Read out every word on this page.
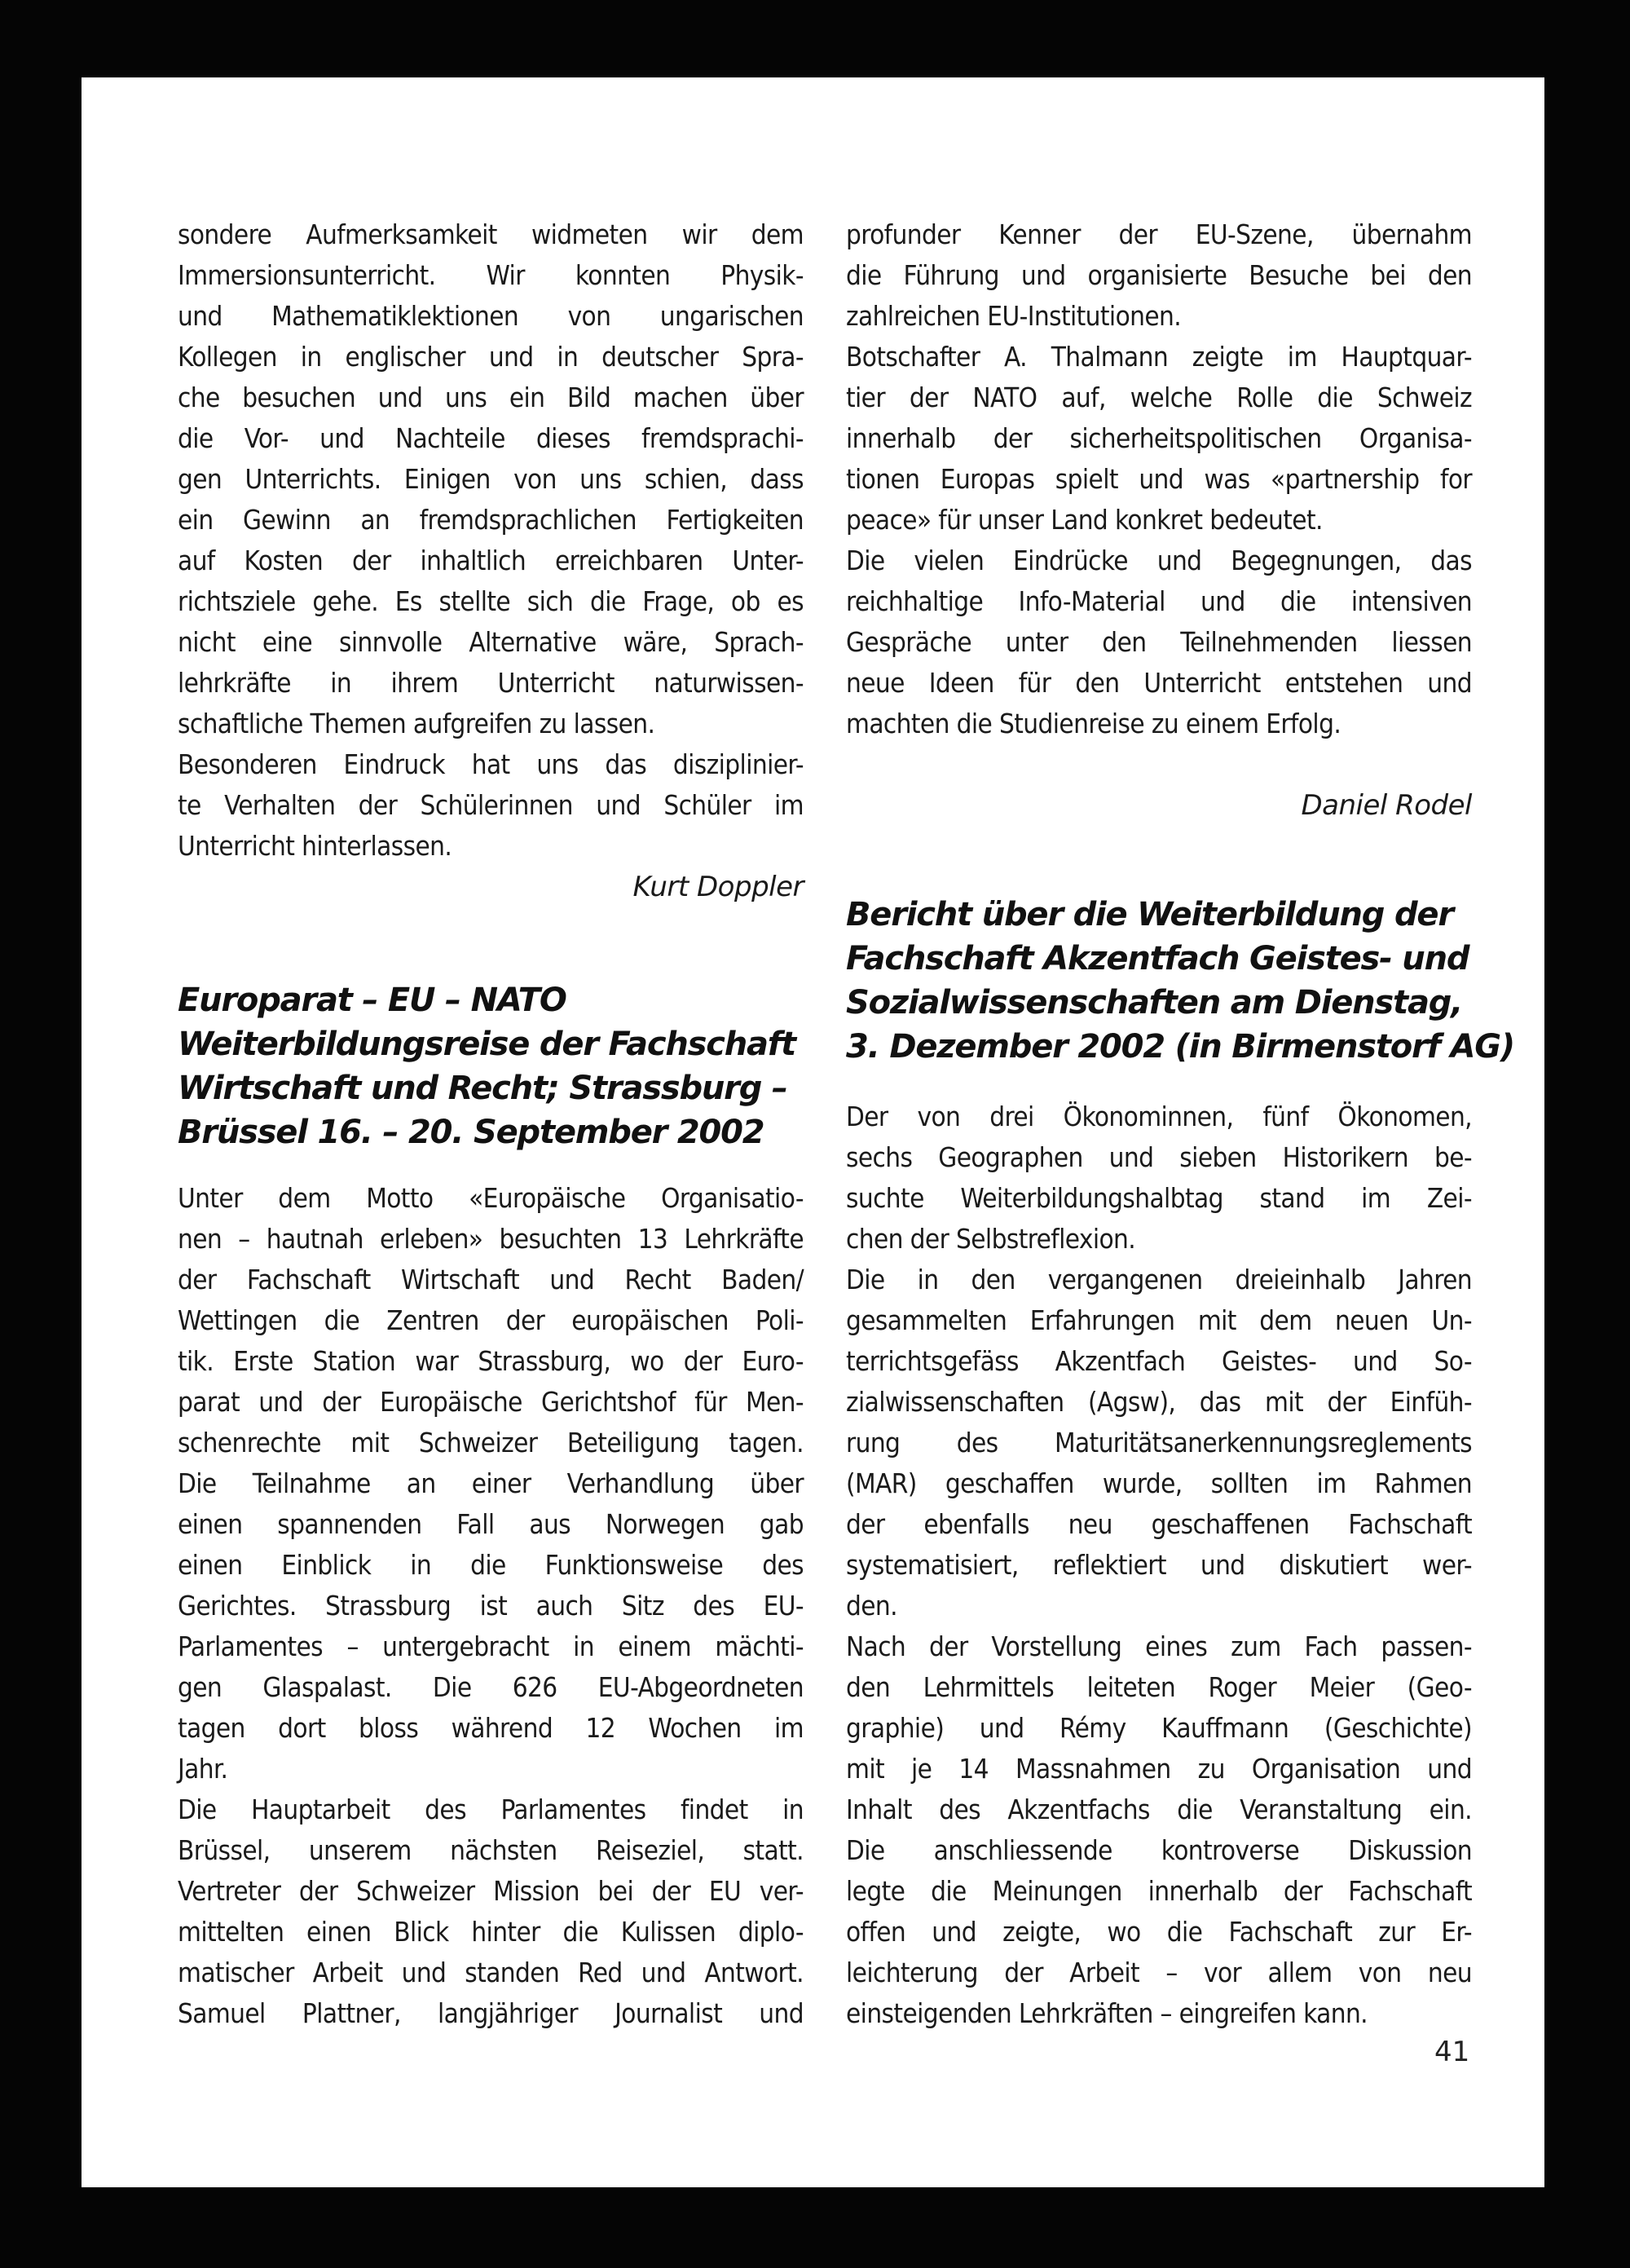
sondere Aufmerksamkeit widmeten wir dem
Immersionsunterricht. Wir konnten Physik-
und Mathematiklektionen von ungarischen
Kollegen in englischer und in deutscher Spra-
che besuchen und uns ein Bild machen über
die Vor- und Nachteile dieses fremdsprachi-
gen Unterrichts. Einigen von uns schien, dass
ein Gewinn an fremdsprachlichen Fertigkeiten
auf Kosten der inhaltlich erreichbaren Unter-
richtsziele gehe. Es stellte sich die Frage, ob es
nicht eine sinnvolle Alternative wäre, Sprach-
lehrkräfte in ihrem Unterricht naturwissen-
schaftliche Themen aufgreifen zu lassen.
Besonderen Eindruck hat uns das disziplinier-
te Verhalten der Schülerinnen und Schüler im
Unterricht hinterlassen.
Kurt Doppler
Europarat – EU – NATO
Weiterbildungsreise der Fachschaft
Wirtschaft und Recht; Strassburg –
Brüssel 16. – 20. September 2002
Unter dem Motto «Europäische Organisatio-
nen – hautnah erleben» besuchten 13 Lehrkräfte
der Fachschaft Wirtschaft und Recht Baden/
Wettingen die Zentren der europäischen Poli-
tik. Erste Station war Strassburg, wo der Euro-
parat und der Europäische Gerichtshof für Men-
schenrechte mit Schweizer Beteiligung tagen.
Die Teilnahme an einer Verhandlung über
einen spannenden Fall aus Norwegen gab
einen Einblick in die Funktionsweise des
Gerichtes. Strassburg ist auch Sitz des EU-
Parlamentes – untergebracht in einem mächti-
gen Glaspalast. Die 626 EU-Abgeordneten
tagen dort bloss während 12 Wochen im
Jahr.
Die Hauptarbeit des Parlamentes findet in
Brüssel, unserem nächsten Reiseziel, statt.
Vertreter der Schweizer Mission bei der EU ver-
mittelten einen Blick hinter die Kulissen diplo-
matischer Arbeit und standen Red und Antwort.
Samuel Plattner, langjähriger Journalist und
profunder Kenner der EU-Szene, übernahm
die Führung und organisierte Besuche bei den
zahlreichen EU-Institutionen.
Botschafter A. Thalmann zeigte im Hauptquar-
tier der NATO auf, welche Rolle die Schweiz
innerhalb der sicherheitspolitischen Organisa-
tionen Europas spielt und was «partnership for
peace» für unser Land konkret bedeutet.
Die vielen Eindrücke und Begegnungen, das
reichhaltige Info-Material und die intensiven
Gespräche unter den Teilnehmenden liessen
neue Ideen für den Unterricht entstehen und
machten die Studienreise zu einem Erfolg.
Daniel Rodel
Bericht über die Weiterbildung der
Fachschaft Akzentfach Geistes- und
Sozialwissenschaften am Dienstag,
3. Dezember 2002 (in Birmenstorf AG)
Der von drei Ökonominnen, fünf Ökonomen,
sechs Geographen und sieben Historikern be-
suchte Weiterbildungshalbtag stand im Zei-
chen der Selbstreflexion.
Die in den vergangenen dreieinhalb Jahren
gesammelten Erfahrungen mit dem neuen Un-
terrichtsgefäss Akzentfach Geistes- und So-
zialwissenschaften (Agsw), das mit der Einfüh-
rung des Maturitätsanerkennungsreglements
(MAR) geschaffen wurde, sollten im Rahmen
der ebenfalls neu geschaffenen Fachschaft
systematisiert, reflektiert und diskutiert wer-
den.
Nach der Vorstellung eines zum Fach passen-
den Lehrmittels leiteten Roger Meier (Geo-
graphie) und Rémy Kauffmann (Geschichte)
mit je 14 Massnahmen zu Organisation und
Inhalt des Akzentfachs die Veranstaltung ein.
Die anschliessende kontroverse Diskussion
legte die Meinungen innerhalb der Fachschaft
offen und zeigte, wo die Fachschaft zur Er-
leichterung der Arbeit – vor allem von neu
einsteigenden Lehrkräften – eingreifen kann.
41
